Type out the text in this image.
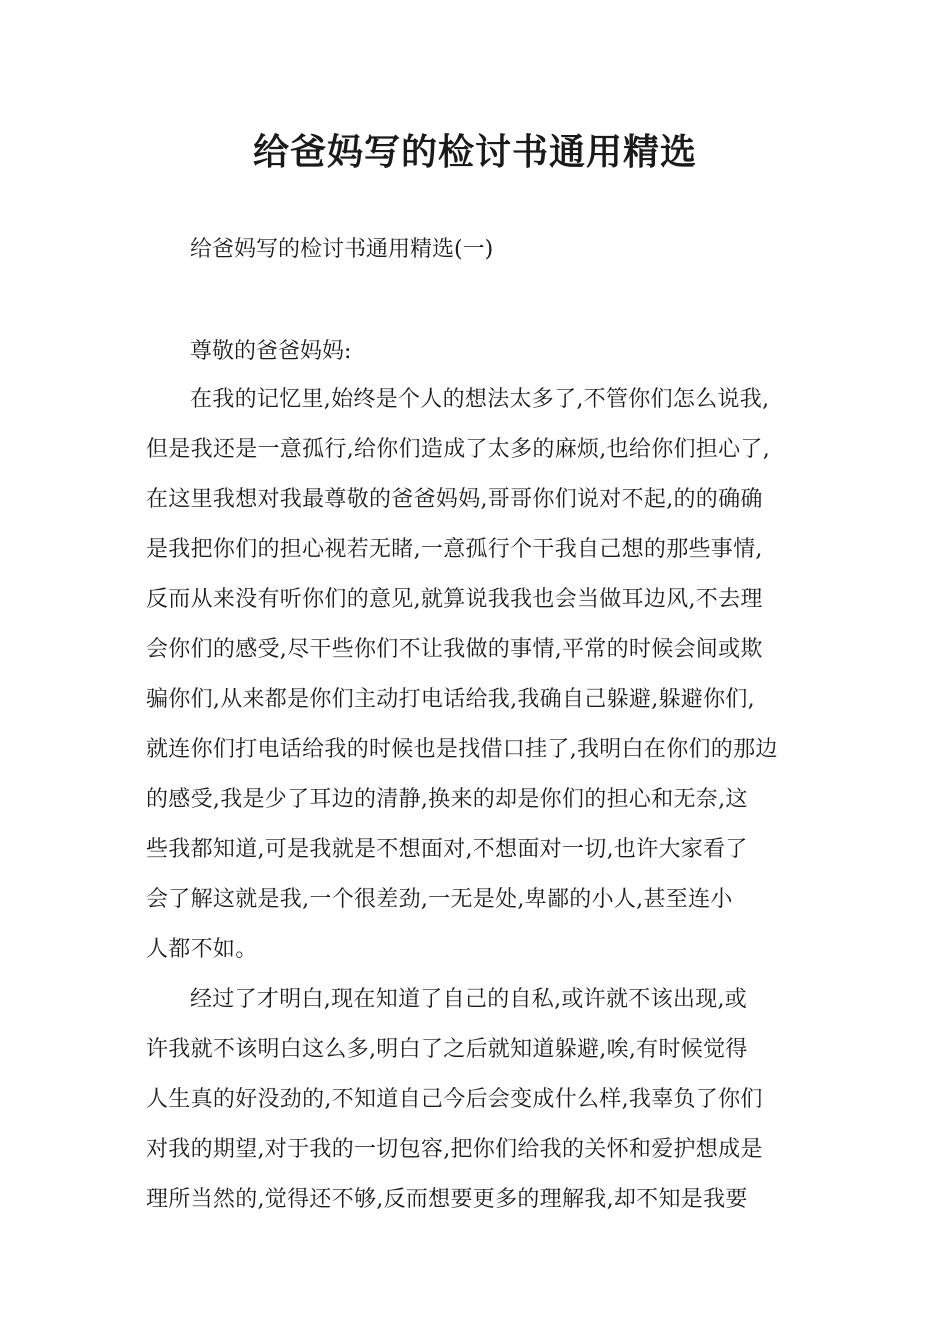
给爸妈写的检讨书通用精选
给爸妈写的检讨书通用精选(一)
尊敬的爸爸妈妈:
在我的记忆里,始终是个人的想法太多了,不管你们怎么说我,
但是我还是一意孤行,给你们造成了太多的麻烦,也给你们担心了,
在这里我想对我最尊敬的爸爸妈妈,哥哥你们说对不起,的的确确
是我把你们的担心视若无睹,一意孤行个干我自己想的那些事情,
反而从来没有听你们的意见,就算说我我也会当做耳边风,不去理
会你们的感受,尽干些你们不让我做的事情,平常的时候会间或欺
骗你们,从来都是你们主动打电话给我,我确自己躲避,躲避你们,
就连你们打电话给我的时候也是找借口挂了,我明白在你们的那边
的感受,我是少了耳边的清静,换来的却是你们的担心和无奈,这
些我都知道,可是我就是不想面对,不想面对一切,也许大家看了
会了解这就是我,一个很差劲,一无是处,卑鄙的小人,甚至连小
人都不如。
经过了才明白,现在知道了自己的自私,或许就不该出现,或
许我就不该明白这么多,明白了之后就知道躲避,唉,有时候觉得
人生真的好没劲的,不知道自己今后会变成什么样,我辜负了你们
对我的期望,对于我的一切包容,把你们给我的关怀和爱护想成是
理所当然的,觉得还不够,反而想要更多的理解我,却不知是我要
